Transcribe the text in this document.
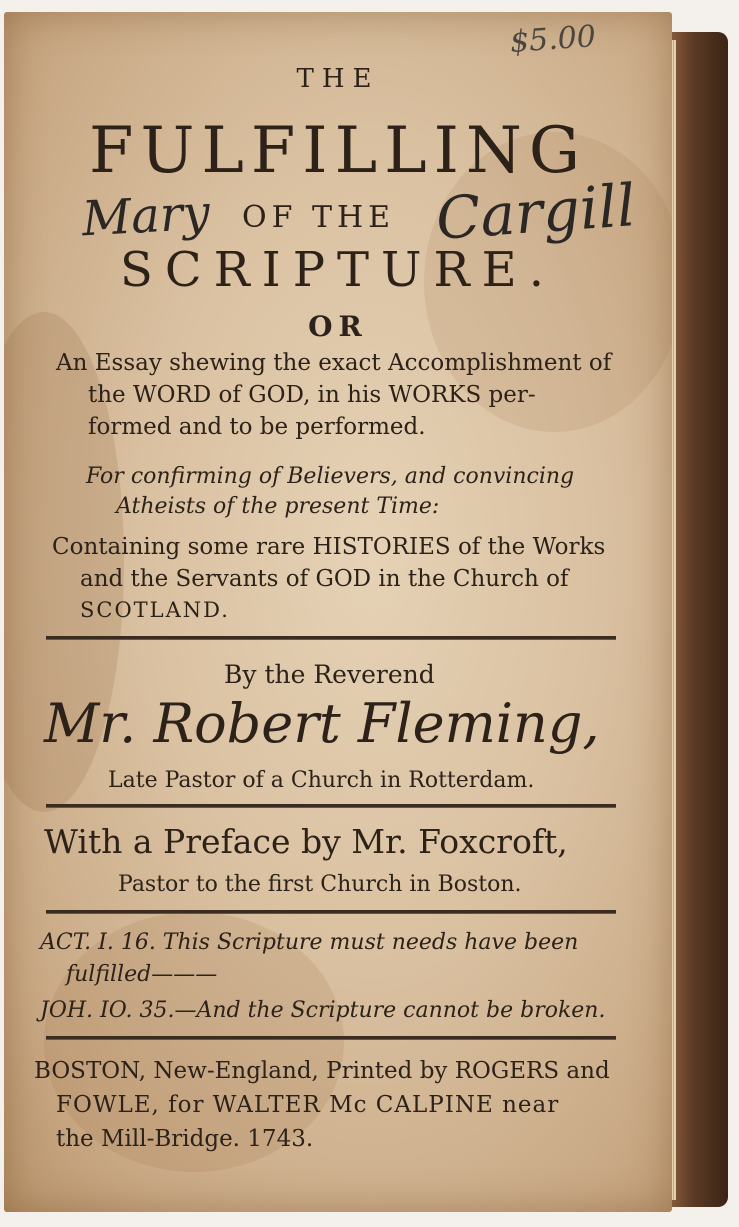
$5.00

THE

FULFILLING

Mary OF THE Cargill

SCRIPTURE.

OR

An Essay shewing the exact Accomplishment of

the WORD of GOD, in his WORKS per-

formed and to be performed.

For confirming of Believers, and convincing

Atheists of the present Time:

Containing some rare HISTORIES of the Works

and the Servants of GOD in the Church of

SCOTLAND.

By the Reverend

Mr. Robert Fleming,

Late Pastor of a Church in Rotterdam.

With a Preface by Mr. Foxcroft,

Pastor to the first Church in Boston.

ACT. I. 16. This Scripture must needs have been

fulfilled———

JOH. IO. 35.—And the Scripture cannot be broken.

BOSTON, New-England, Printed by ROGERS and

FOWLE, for WALTER Mc CALPINE near

the Mill-Bridge. 1743.
